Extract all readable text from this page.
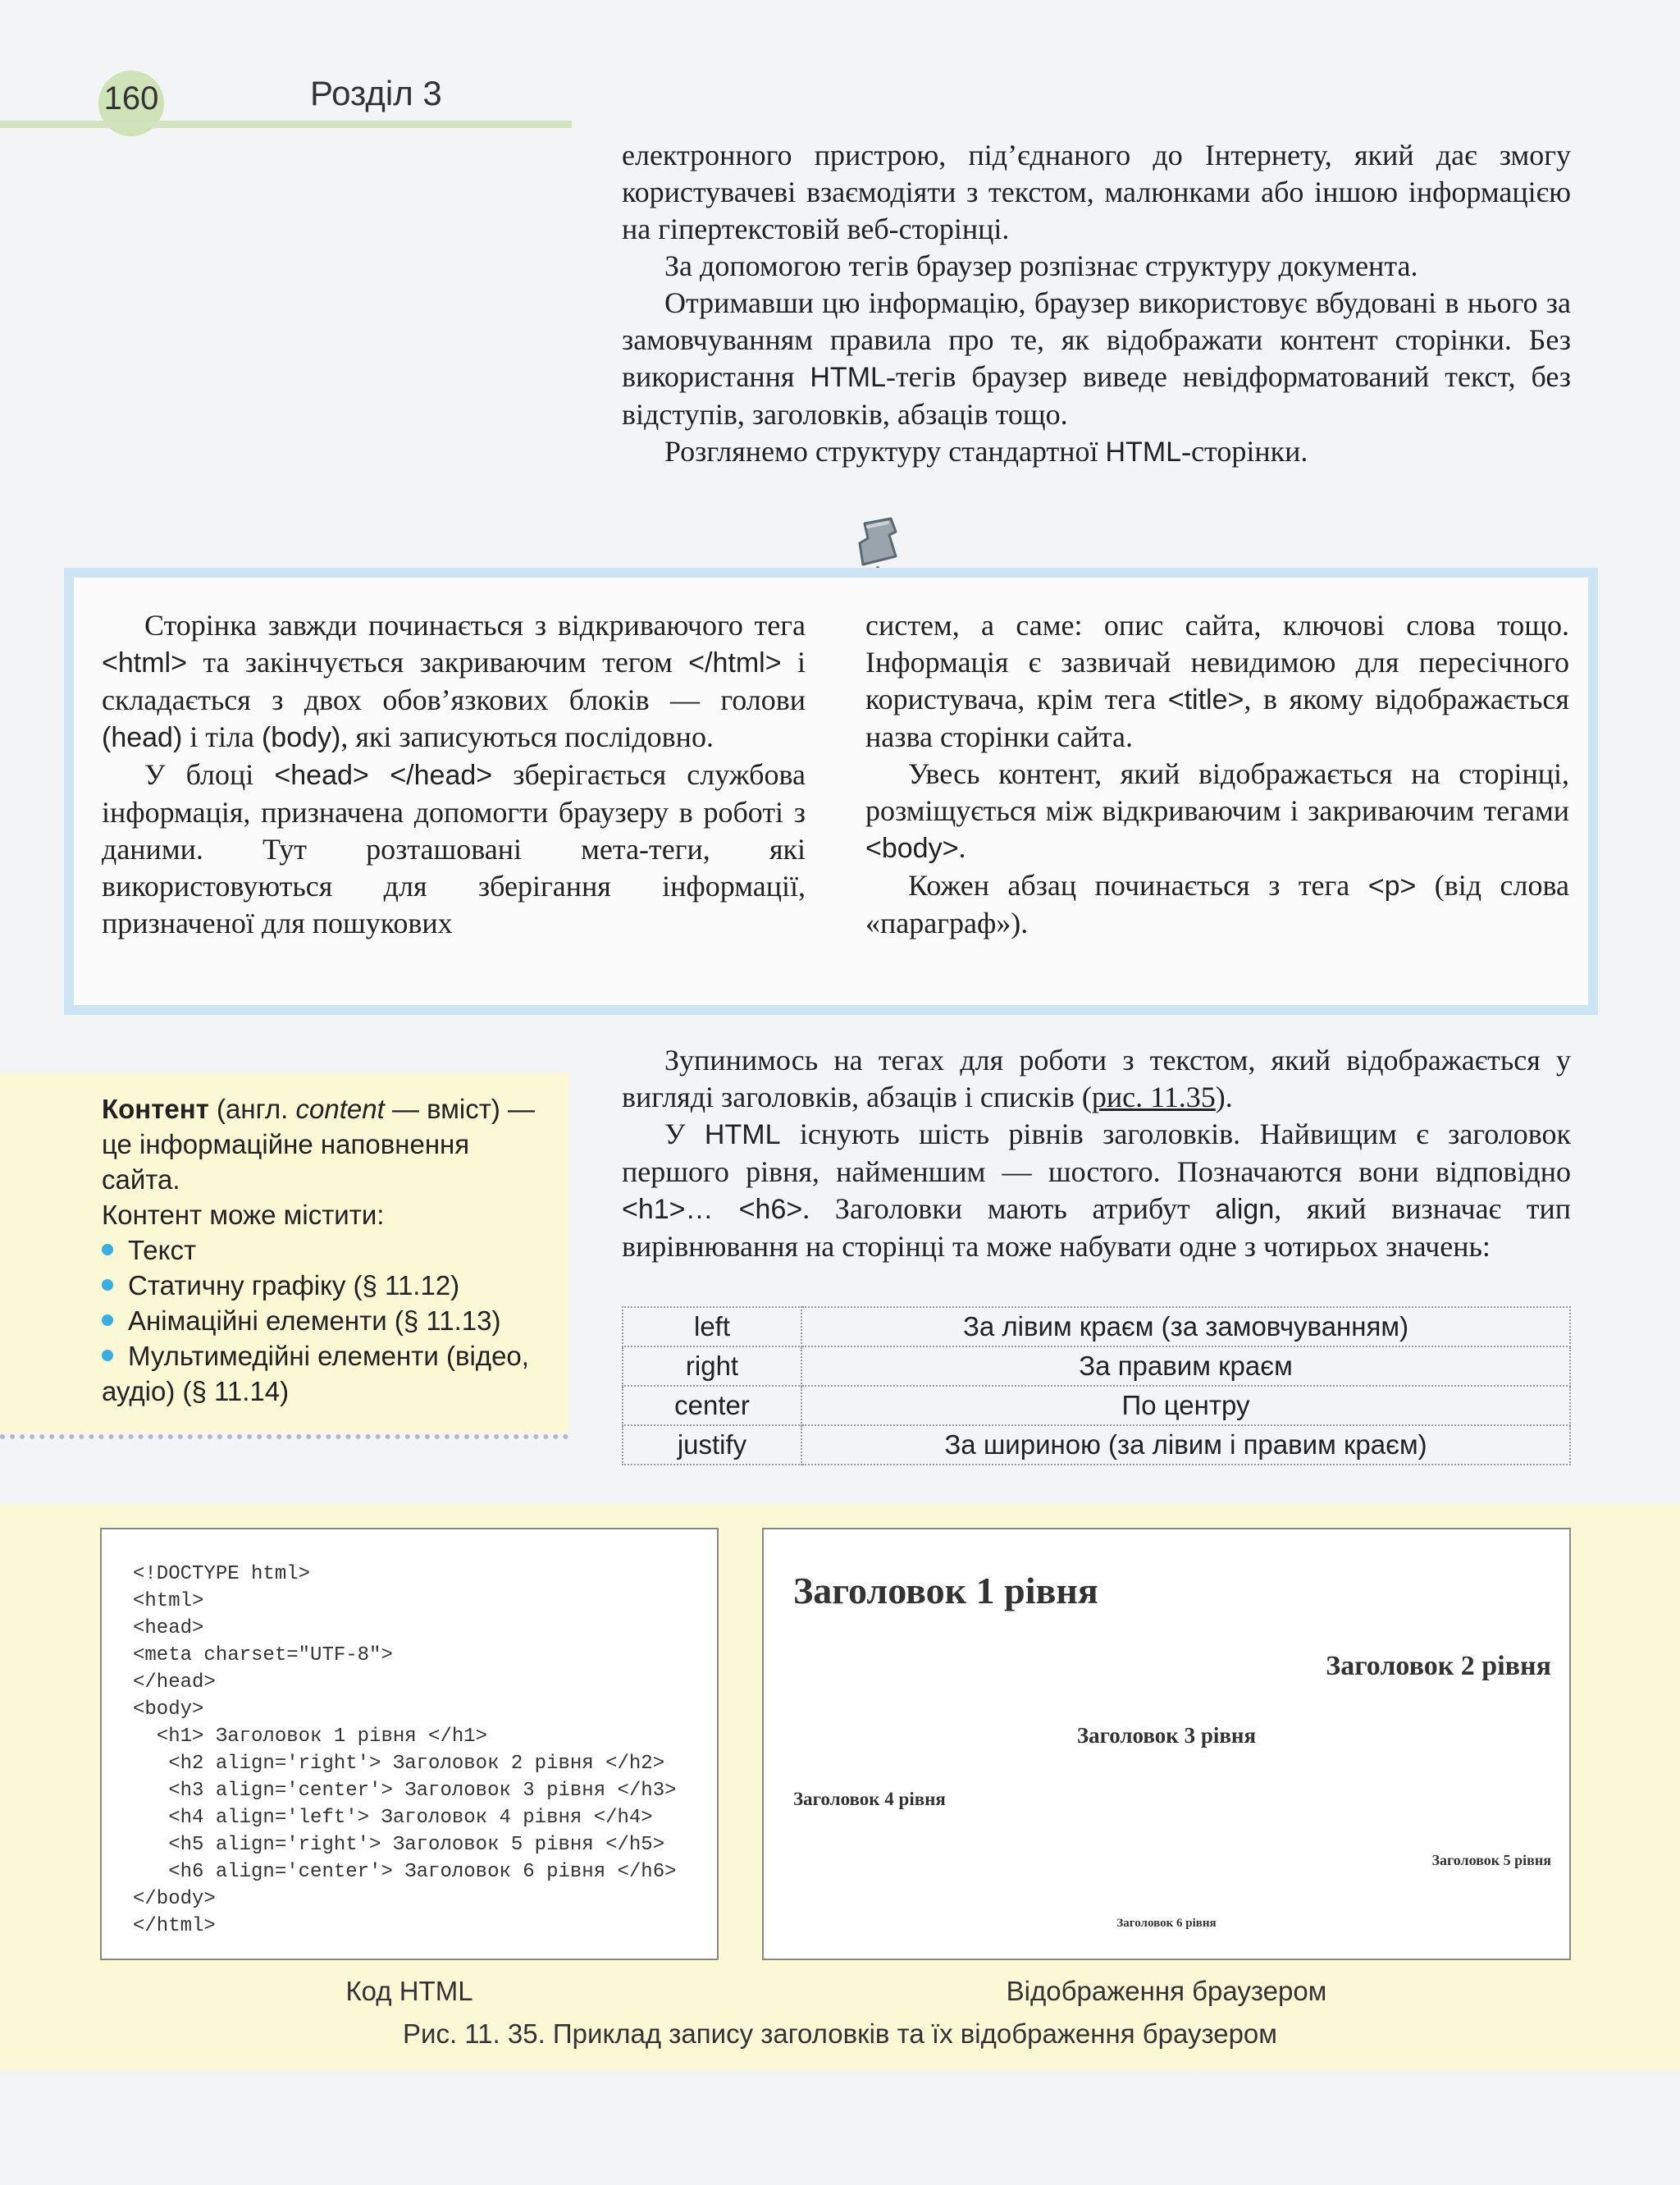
160	Розділ 3

електронного пристрою, під’єднаного до Інтернету, який дає змогу користувачеві взаємодіяти з текстом, малюнками або іншою інформацією на гіпертекстовій веб-сторінці.

За допомогою тегів браузер розпізнає структуру документа.

Отримавши цю інформацію, браузер використовує вбудовані в нього за замовчуванням правила про те, як відображати контент сторінки. Без використання HTML-тегів браузер виведе невідформатований текст, без відступів, заголовків, абзаців тощо.

Розглянемо структуру стандартної HTML-сторінки.

Сторінка завжди починається з відкриваючого тега <html> та закінчується закриваючим тегом </html> і складається з двох обов’язкових блоків — голови (head) і тіла (body), які записуються послідовно.

У блоці <head> </head> зберігається службова інформація, призначена допомогти браузеру в роботі з даними. Тут розташовані мета-теги, які використовуються для зберігання інформації, призначеної для пошукових

систем, а саме: опис сайта, ключові слова тощо. Інформація є зазвичай невидимою для пересічного користувача, крім тега <title>, в якому відображається назва сторінки сайта.

Увесь контент, який відображається на сторінці, розміщується між відкриваючим і закриваючим тегами <body>.

Кожен абзац починається з тега <p> (від слова «параграф»).

Контент (англ. content — вміст) — це інформаційне наповнення сайта.

Контент може містити:

Текст

Статичну графіку (§ 11.12)

Анімаційні елементи (§ 11.13)

Мультимедійні елементи (відео, аудіо) (§ 11.14)

Зупинимось на тегах для роботи з текстом, який відображається у вигляді заголовків, абзаців і списків (рис. 11.35).

У HTML існують шість рівнів заголовків. Найвищим є заголовок першого рівня, найменшим — шостого. Позначаются вони відповідно <h1>… <h6>. Заголовки мають атрибут align, який визначає тип вирівнювання на сторінці та може набувати одне з чотирьох значень:

left	За лівим краєм (за замовчуванням)
right	За правим краєм
center	По центру
justify	За шириною (за лівим і правим краєм)

<!DOCTYPE html>

<html>

<head>

<meta charset="UTF-8">

</head>

<body>

<h1> Заголовок 1 рівня </h1>

<h2 align='right'> Заголовок 2 рівня </h2>

<h3 align='center'> Заголовок 3 рівня </h3>

<h4 align='left'> Заголовок 4 рівня </h4>

<h5 align='right'> Заголовок 5 рівня </h5>

<h6 align='center'> Заголовок 6 рівня </h6>

</body>

</html>

Заголовок 1 рівня

Заголовок 2 рівня

Заголовок 3 рівня

Заголовок 4 рівня

Заголовок 5 рівня

Заголовок 6 рівня

Код HTML	Відображення браузером
Рис. 11. 35. Приклад запису заголовків та їх відображення браузером
